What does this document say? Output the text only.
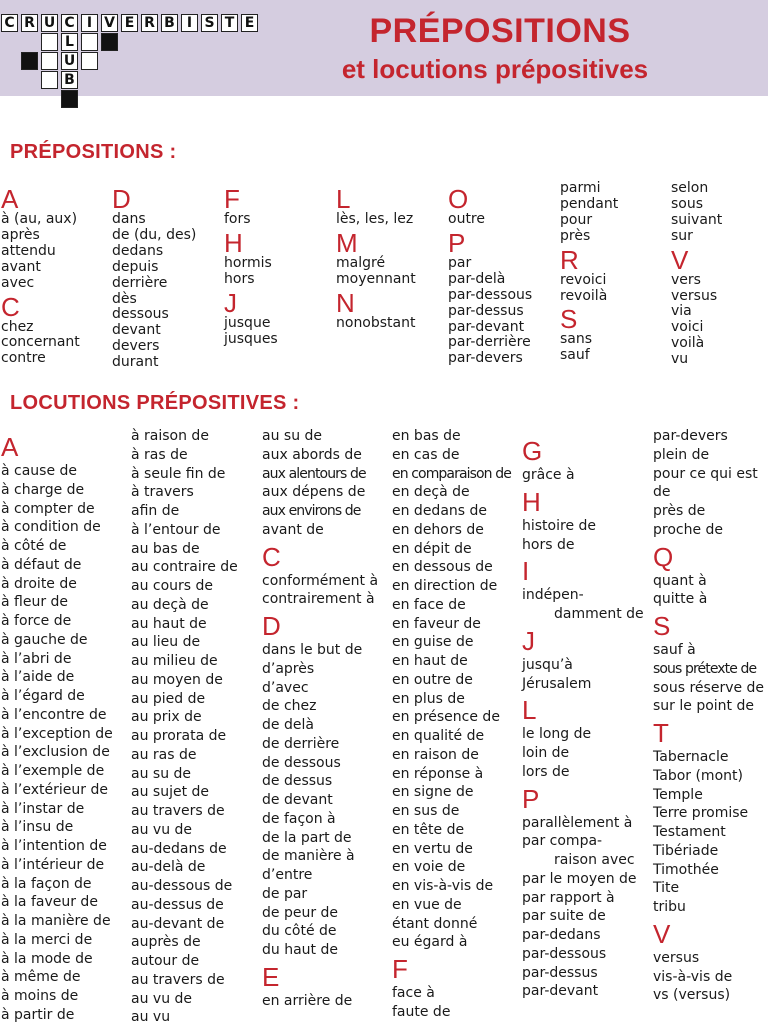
C R U C I V E R B I S T E
L
U
B
PRÉPOSITIONS
et locutions prépositives
PRÉPOSITIONS :
A
à (au, aux)
après
attendu
avant
avec
C
chez
concernant
contre
D
dans
de (du, des)
dedans
depuis
derrière
dès
dessous
devant
devers
durant
F
fors
H
hormis
hors
J
jusque
jusques
L
lès, les, lez
M
malgré
moyennant
N
nonobstant
O
outre
P
par
par-delà
par-dessous
par-dessus
par-devant
par-derrière
par-devers
parmi
pendant
pour
près
R
revoici
revoilà
S
sans
sauf
selon
sous
suivant
sur
V
vers
versus
via
voici
voilà
vu
LOCUTIONS PRÉPOSITIVES :
A
à cause de
à charge de
à compter de
à condition de
à côté de
à défaut de
à droite de
à fleur de
à force de
à gauche de
à l’abri de
à l’aide de
à l’égard de
à l’encontre de
à l’exception de
à l’exclusion de
à l’exemple de
à l’extérieur de
à l’instar de
à l’insu de
à l’intention de
à l’intérieur de
à la façon de
à la faveur de
à la manière de
à la merci de
à la mode de
à même de
à moins de
à partir de
à raison de
à ras de
à seule fin de
à travers
afin de
à l’entour de
au bas de
au contraire de
au cours de
au deçà de
au haut de
au lieu de
au milieu de
au moyen de
au pied de
au prix de
au prorata de
au ras de
au su de
au sujet de
au travers de
au vu de
au-dedans de
au-delà de
au-dessous de
au-dessus de
au-devant de
auprès de
autour de
au travers de
au vu de
au vu
au su de
aux abords de
aux alentours de
aux dépens de
aux environs de
avant de
C
conformément à
contrairement à
D
dans le but de
d’après
d’avec
de chez
de delà
de derrière
de dessous
de dessus
de devant
de façon à
de la part de
de manière à
d’entre
de par
de peur de
du côté de
du haut de
E
en arrière de
en bas de
en cas de
en comparaison de
en deçà de
en dedans de
en dehors de
en dépit de
en dessous de
en direction de
en face de
en faveur de
en guise de
en haut de
en outre de
en plus de
en présence de
en qualité de
en raison de
en réponse à
en signe de
en sus de
en tête de
en vertu de
en voie de
en vis-à-vis de
en vue de
étant donné
eu égard à
F
face à
faute de
G
grâce à
H
histoire de
hors de
I
indépen-
damment de
J
jusqu’à
Jérusalem
L
le long de
loin de
lors de
P
parallèlement à
par compa-
raison avec
par le moyen de
par rapport à
par suite de
par-dedans
par-dessous
par-dessus
par-devant
par-devers
plein de
pour ce qui est
de
près de
proche de
Q
quant à
quitte à
S
sauf à
sous prétexte de
sous réserve de
sur le point de
T
Tabernacle
Tabor (mont)
Temple
Terre promise
Testament
Tibériade
Timothée
Tite
tribu
V
versus
vis-à-vis de
vs (versus)
